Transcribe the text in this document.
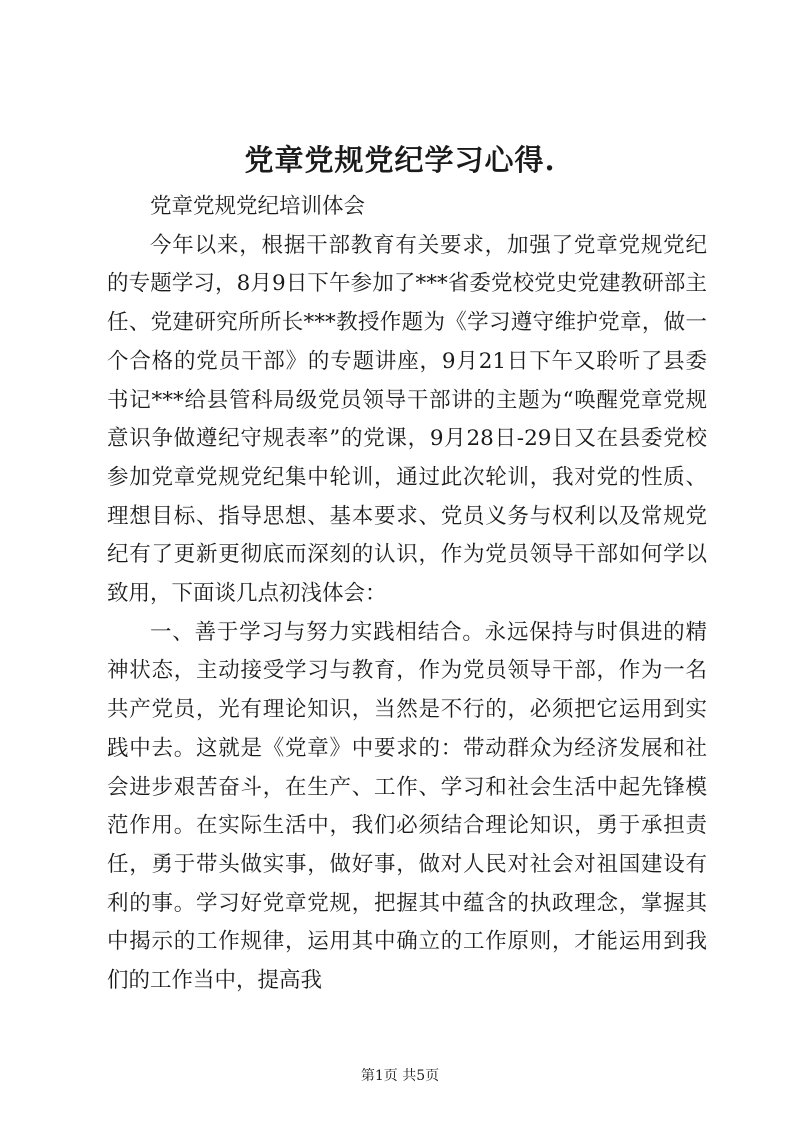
党章党规党纪学习心得.

党章党规党纪培训体会

今年以来，根据干部教育有关要求，加强了党章党规党纪的专题学习，8月9日下午参加了***省委党校党史党建教研部主任、党建研究所所长***教授作题为《学习遵守维护党章，做一个合格的党员干部》的专题讲座，9月21日下午又聆听了县委书记***给县管科局级党员领导干部讲的主题为“唤醒党章党规意识争做遵纪守规表率”的党课，9月28日-29日又在县委党校参加党章党规党纪集中轮训，通过此次轮训，我对党的性质、理想目标、指导思想、基本要求、党员义务与权利以及常规党纪有了更新更彻底而深刻的认识，作为党员领导干部如何学以致用，下面谈几点初浅体会：

一、善于学习与努力实践相结合。永远保持与时俱进的精神状态，主动接受学习与教育，作为党员领导干部，作为一名共产党员，光有理论知识，当然是不行的，必须把它运用到实践中去。这就是《党章》中要求的：带动群众为经济发展和社会进步艰苦奋斗，在生产、工作、学习和社会生活中起先锋模范作用。在实际生活中，我们必须结合理论知识，勇于承担责任，勇于带头做实事，做好事，做对人民对社会对祖国建设有利的事。学习好党章党规，把握其中蕴含的执政理念，掌握其中揭示的工作规律，运用其中确立的工作原则，才能运用到我们的工作当中，提高我

第1页 共5页
